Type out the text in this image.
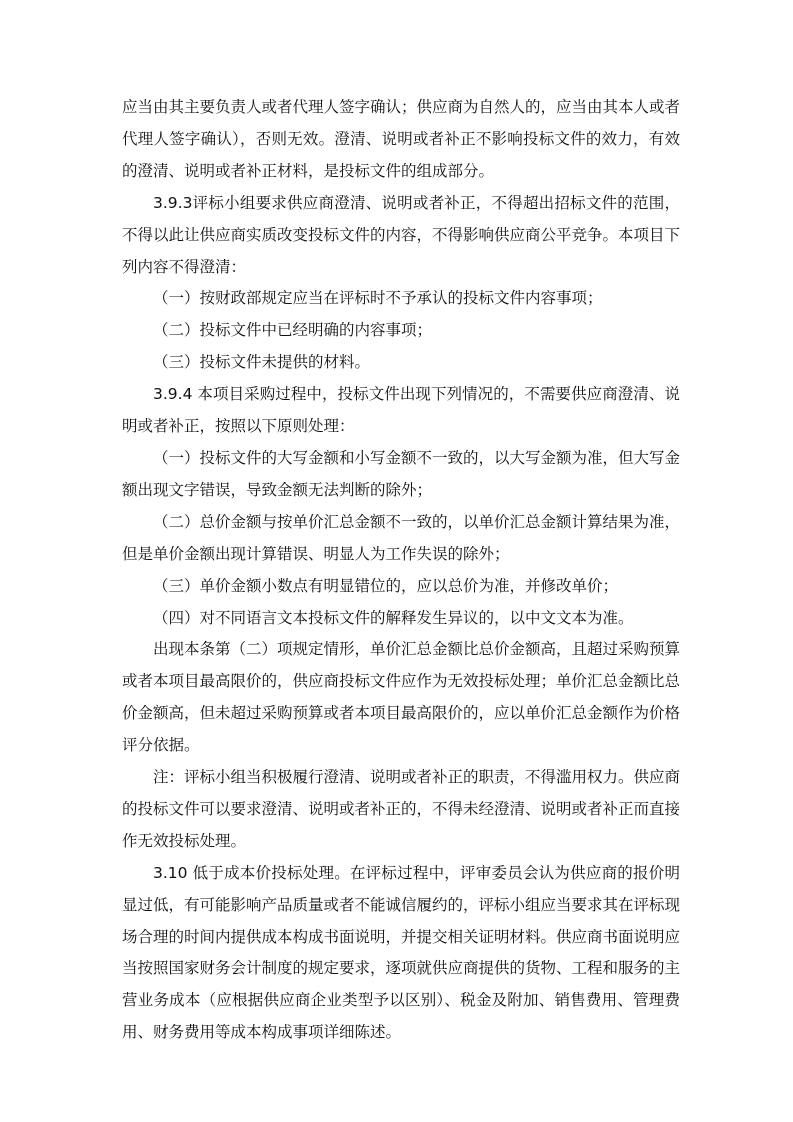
应当由其主要负责人或者代理人签字确认；供应商为自然人的，应当由其本人或者代理人签字确认），否则无效。澄清、说明或者补正不影响投标文件的效力，有效的澄清、说明或者补正材料，是投标文件的组成部分。

3.9.3评标小组要求供应商澄清、说明或者补正，不得超出招标文件的范围，不得以此让供应商实质改变投标文件的内容，不得影响供应商公平竞争。本项目下列内容不得澄清：

（一）按财政部规定应当在评标时不予承认的投标文件内容事项；

（二）投标文件中已经明确的内容事项；

（三）投标文件未提供的材料。

3.9.4 本项目采购过程中，投标文件出现下列情况的，不需要供应商澄清、说明或者补正，按照以下原则处理：

（一）投标文件的大写金额和小写金额不一致的，以大写金额为准，但大写金额出现文字错误，导致金额无法判断的除外；

（二）总价金额与按单价汇总金额不一致的，以单价汇总金额计算结果为准，但是单价金额出现计算错误、明显人为工作失误的除外；

（三）单价金额小数点有明显错位的，应以总价为准，并修改单价；

（四）对不同语言文本投标文件的解释发生异议的，以中文文本为准。

出现本条第（二）项规定情形，单价汇总金额比总价金额高，且超过采购预算或者本项目最高限价的，供应商投标文件应作为无效投标处理；单价汇总金额比总价金额高，但未超过采购预算或者本项目最高限价的，应以单价汇总金额作为价格评分依据。

注：评标小组当积极履行澄清、说明或者补正的职责，不得滥用权力。供应商的投标文件可以要求澄清、说明或者补正的，不得未经澄清、说明或者补正而直接作无效投标处理。

3.10 低于成本价投标处理。在评标过程中，评审委员会认为供应商的报价明显过低，有可能影响产品质量或者不能诚信履约的，评标小组应当要求其在评标现场合理的时间内提供成本构成书面说明，并提交相关证明材料。供应商书面说明应当按照国家财务会计制度的规定要求，逐项就供应商提供的货物、工程和服务的主营业务成本（应根据供应商企业类型予以区别）、税金及附加、销售费用、管理费用、财务费用等成本构成事项详细陈述。
